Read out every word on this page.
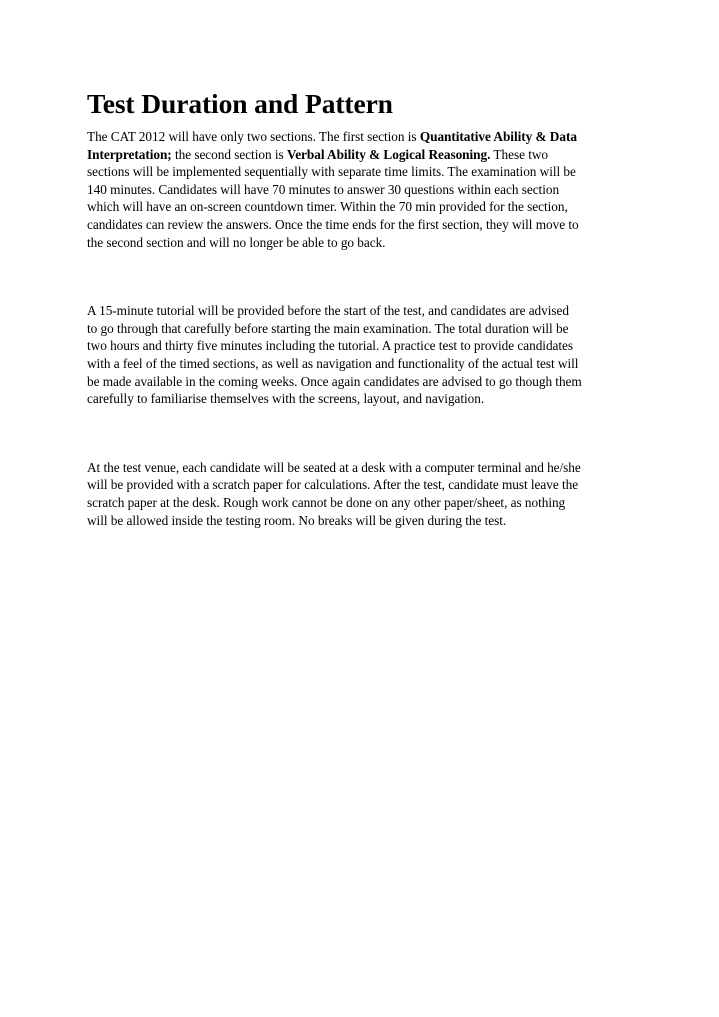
Test Duration and Pattern

The CAT 2012 will have only two sections. The first section is Quantitative Ability & Data
Interpretation; the second section is Verbal Ability & Logical Reasoning. These two
sections will be implemented sequentially with separate time limits. The examination will be
140 minutes. Candidates will have 70 minutes to answer 30 questions within each section
which will have an on-screen countdown timer. Within the 70 min provided for the section,
candidates can review the answers. Once the time ends for the first section, they will move to
the second section and will no longer be able to go back.

A 15-minute tutorial will be provided before the start of the test, and candidates are advised
to go through that carefully before starting the main examination. The total duration will be
two hours and thirty five minutes including the tutorial. A practice test to provide candidates
with a feel of the timed sections, as well as navigation and functionality of the actual test will
be made available in the coming weeks. Once again candidates are advised to go though them
carefully to familiarise themselves with the screens, layout, and navigation.

At the test venue, each candidate will be seated at a desk with a computer terminal and he/she
will be provided with a scratch paper for calculations. After the test, candidate must leave the
scratch paper at the desk. Rough work cannot be done on any other paper/sheet, as nothing
will be allowed inside the testing room. No breaks will be given during the test.
